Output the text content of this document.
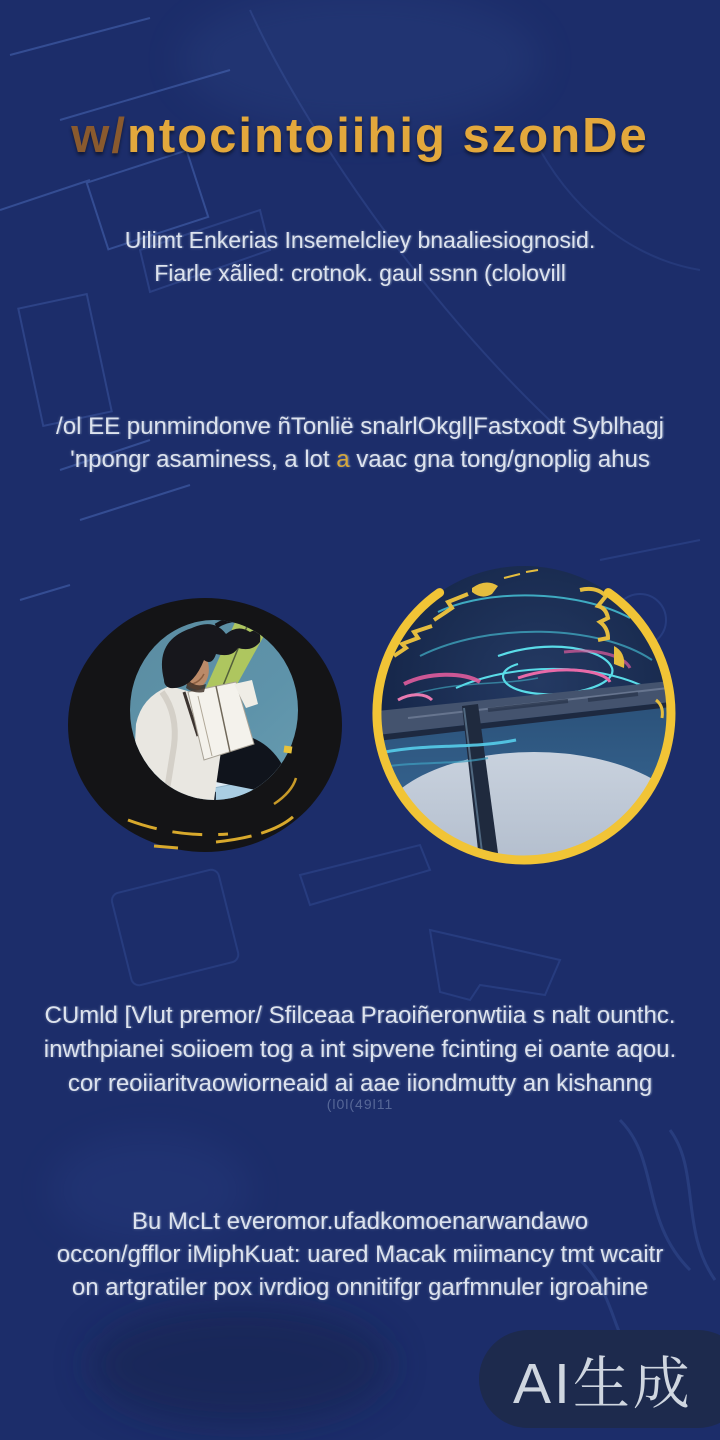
w/ntocintoiihig szonDe
Uilimt Enkerias Insemelcliey bnaaliesiognosid.
Fiarle xãlied: crotnok. gaul ssnn (clolovill
/ol EE punmindonve ñTonlië snalrlOkgl|Fastxodt Syblhagj
'npongr asaminess, a lot a vaac gna tong/gnoplig ahus
CUmld [Vlut premor/ Sfilceaa Praoiñeronwtiia s nalt ounthc.
inwthpianei soiioem tog a int sipvene fcinting ei oante aqou.
cor reoiiaritvaowiorneaid ai aae iiondmutty an kishanng
(l0l(49l11
Bu McLt everomor.ufadkomoenarwandawo
occon/gfflor iMiphKuat: uared Macak miimancy tmt wcaitr
on artgratiler pox ivrdiog onnitifgr garfmnuler igroahine
AI生成
